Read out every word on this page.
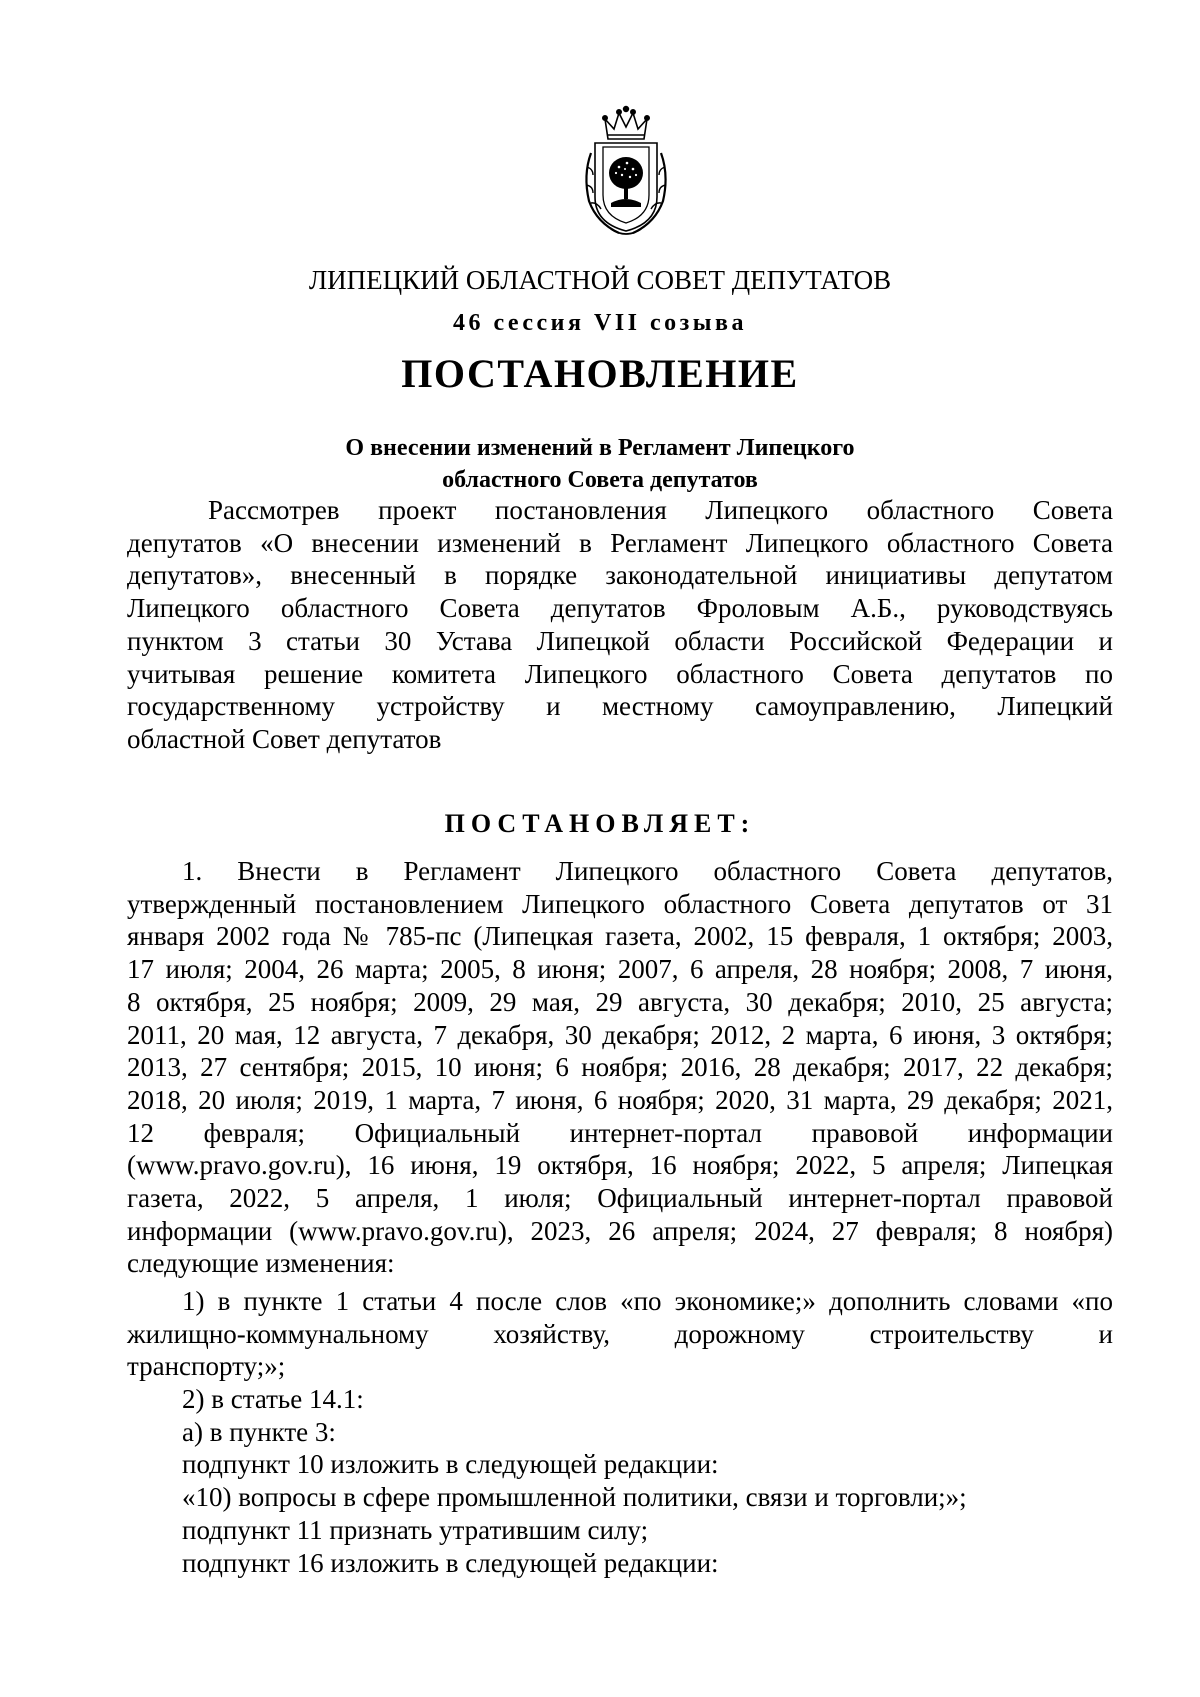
ЛИПЕЦКИЙ ОБЛАСТНОЙ СОВЕТ ДЕПУТАТОВ
46 сессия VII созыва
ПОСТАНОВЛЕНИЕ
О внесении изменений в Регламент Липецкого
областного Совета депутатов
Рассмотрев проект постановления Липецкого областного Совета
депутатов «О внесении изменений в Регламент Липецкого областного Совета
депутатов», внесенный в порядке законодательной инициативы депутатом
Липецкого областного Совета депутатов Фроловым А.Б., руководствуясь
пунктом 3 статьи 30 Устава Липецкой области Российской Федерации и
учитывая решение комитета Липецкого областного Совета депутатов по
государственному устройству и местному самоуправлению, Липецкий
областной Совет депутатов
ПОСТАНОВЛЯЕТ:
1. Внести в Регламент Липецкого областного Совета депутатов,
утвержденный постановлением Липецкого областного Совета депутатов от 31
января 2002 года № 785-пс (Липецкая газета, 2002, 15 февраля, 1 октября; 2003,
17 июля; 2004, 26 марта; 2005, 8 июня; 2007, 6 апреля, 28 ноября; 2008, 7 июня,
8 октября, 25 ноября; 2009, 29 мая, 29 августа, 30 декабря; 2010, 25 августа;
2011, 20 мая, 12 августа, 7 декабря, 30 декабря; 2012, 2 марта, 6 июня, 3 октября;
2013, 27 сентября; 2015, 10 июня; 6 ноября; 2016, 28 декабря; 2017, 22 декабря;
2018, 20 июля; 2019, 1 марта, 7 июня, 6 ноября; 2020, 31 марта, 29 декабря; 2021,
12 февраля; Официальный интернет-портал правовой информации
(www.pravo.gov.ru), 16 июня, 19 октября, 16 ноября; 2022, 5 апреля; Липецкая
газета, 2022, 5 апреля, 1 июля; Официальный интернет-портал правовой
информации (www.pravo.gov.ru), 2023, 26 апреля; 2024, 27 февраля; 8 ноября)
следующие изменения:
1) в пункте 1 статьи 4 после слов «по экономике;» дополнить словами «по
жилищно-коммунальному хозяйству, дорожному строительству и
транспорту;»;
2) в статье 14.1:
а) в пункте 3:
подпункт 10 изложить в следующей редакции:
«10) вопросы в сфере промышленной политики, связи и торговли;»;
подпункт 11 признать утратившим силу;
подпункт 16 изложить в следующей редакции:
